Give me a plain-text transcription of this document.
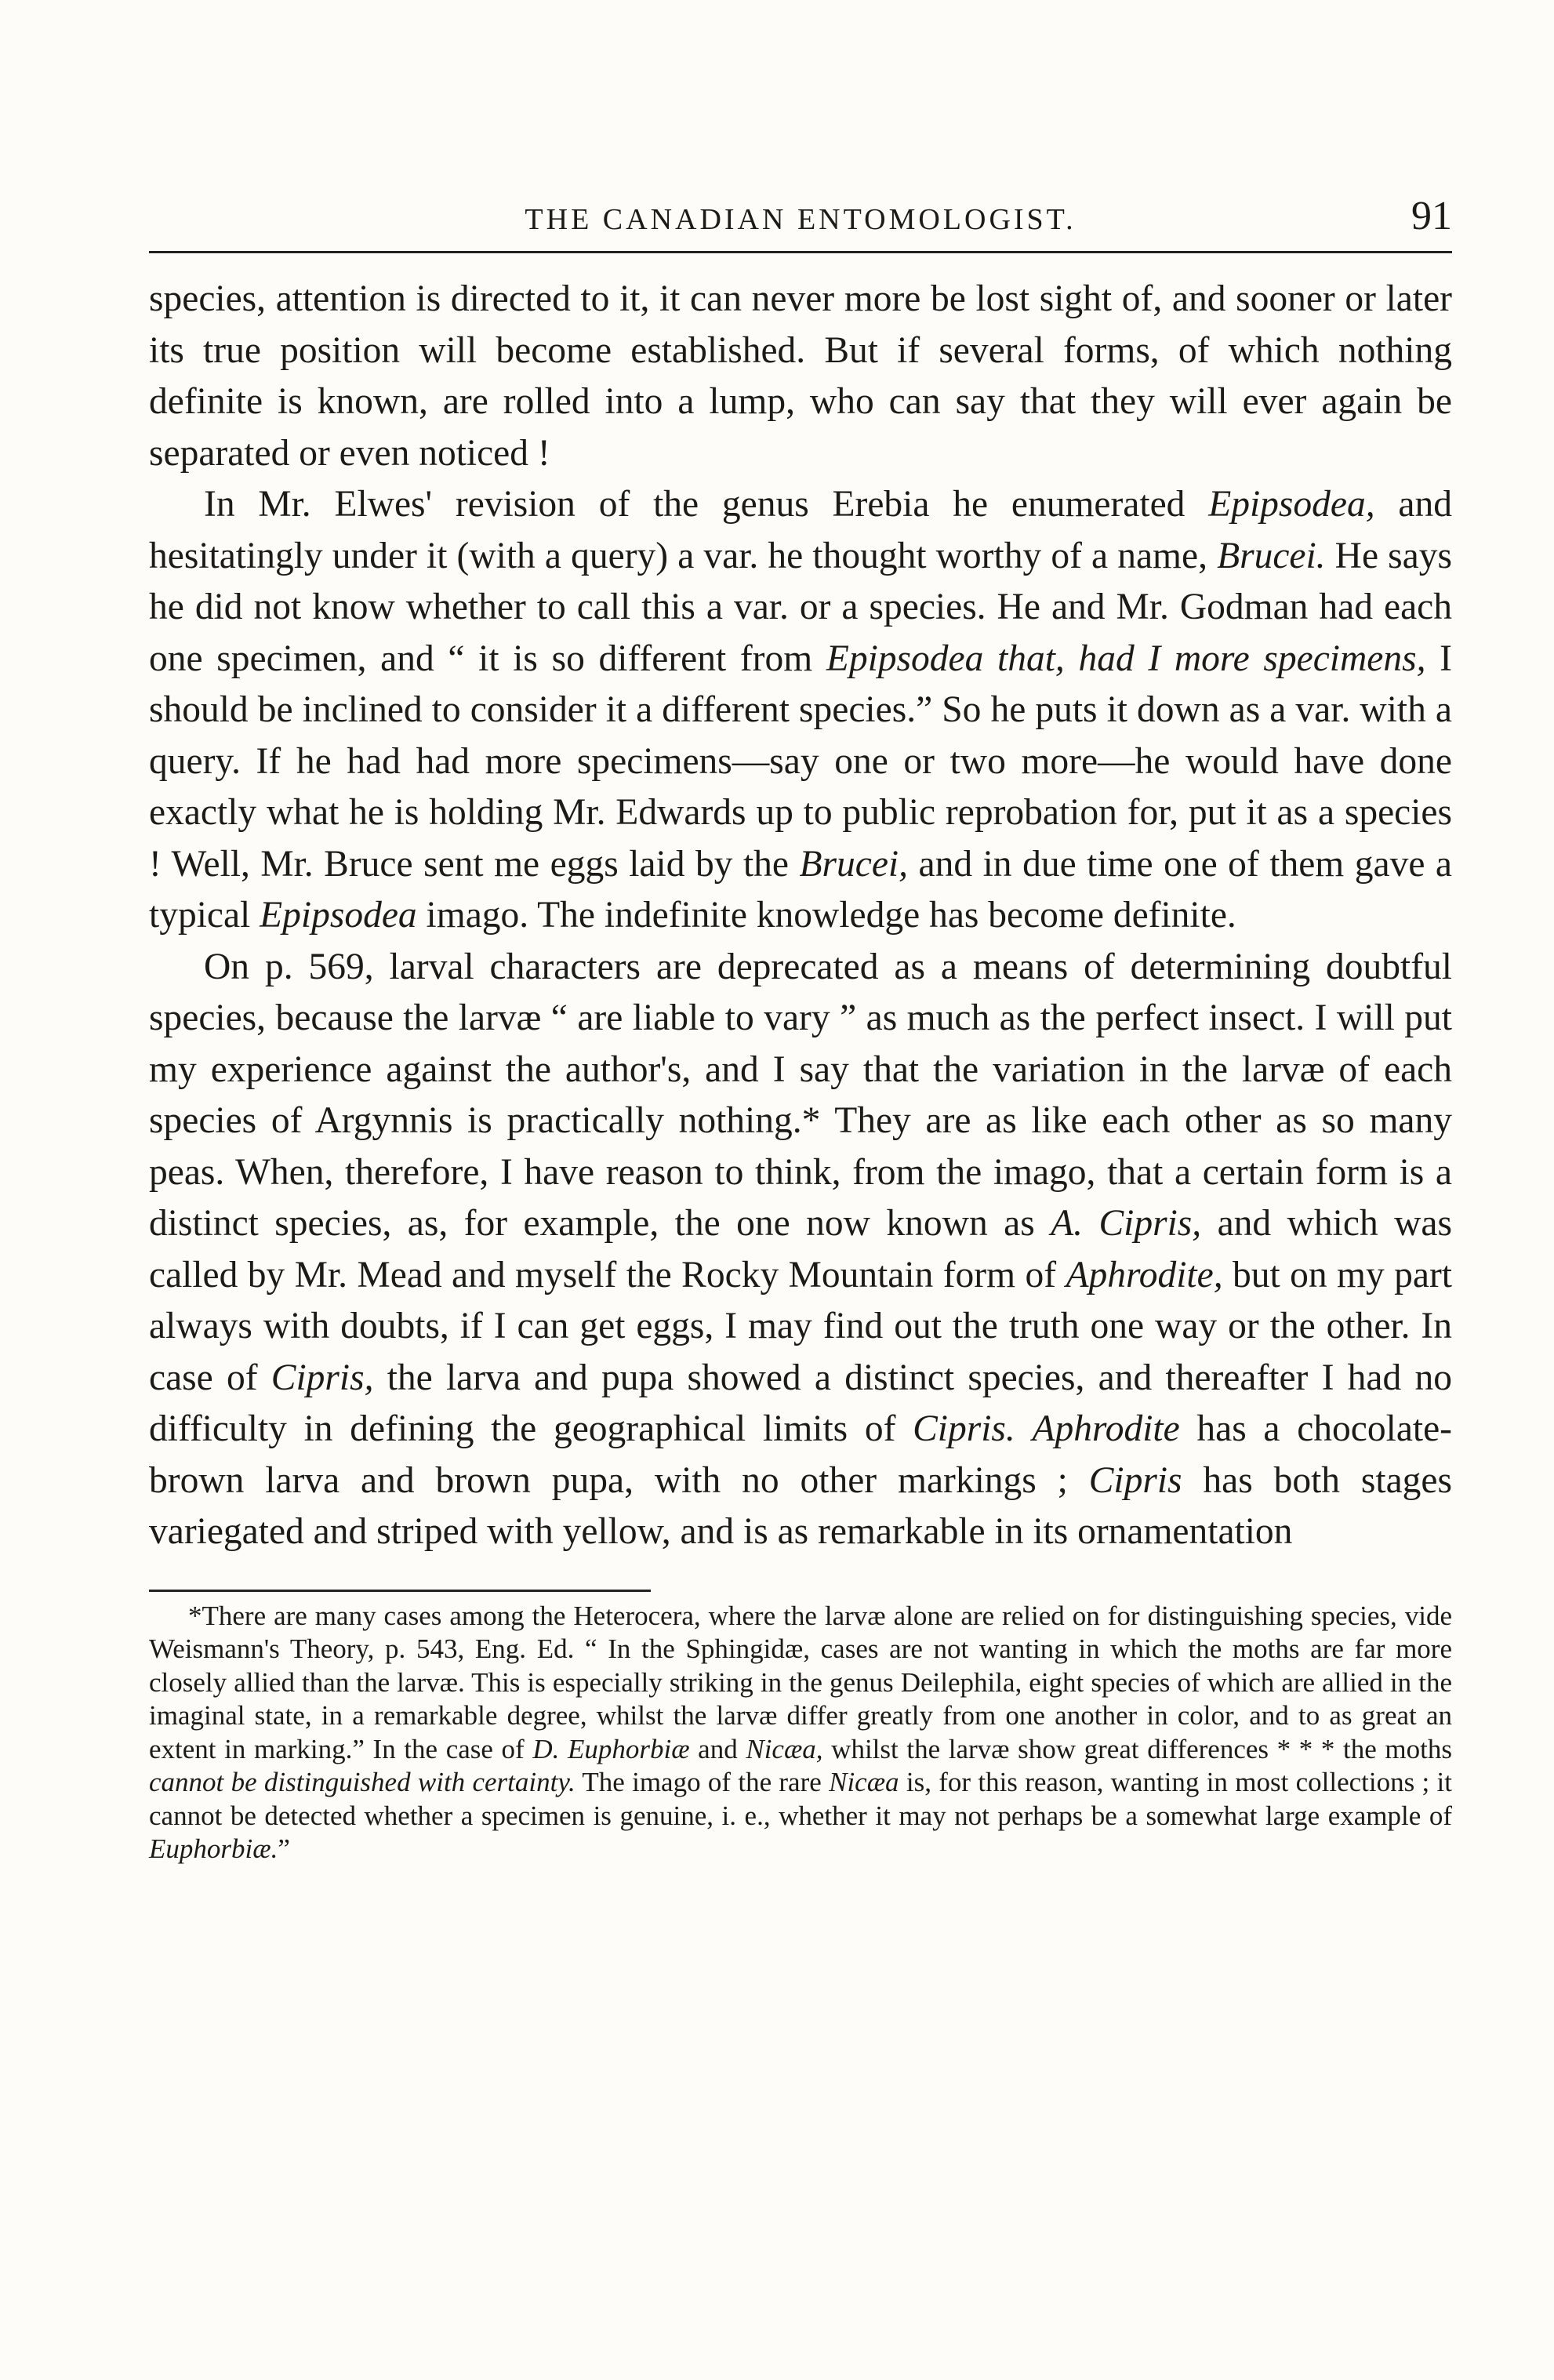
THE CANADIAN ENTOMOLOGIST.	91

species, attention is directed to it, it can never more be lost sight of, and sooner or later its true position will become established. But if several forms, of which nothing definite is known, are rolled into a lump, who can say that they will ever again be separated or even noticed !

In Mr. Elwes' revision of the genus Erebia he enumerated Epipsodea, and hesitatingly under it (with a query) a var. he thought worthy of a name, Brucei. He says he did not know whether to call this a var. or a species. He and Mr. Godman had each one specimen, and “ it is so different from Epipsodea that, had I more specimens, I should be inclined to consider it a different species.” So he puts it down as a var. with a query. If he had had more specimens—say one or two more—he would have done exactly what he is holding Mr. Edwards up to public reprobation for, put it as a species ! Well, Mr. Bruce sent me eggs laid by the Brucei, and in due time one of them gave a typical Epipsodea imago. The indefinite knowledge has become definite.

On p. 569, larval characters are deprecated as a means of determining doubtful species, because the larvæ “ are liable to vary ” as much as the perfect insect. I will put my experience against the author's, and I say that the variation in the larvæ of each species of Argynnis is practically nothing.* They are as like each other as so many peas. When, therefore, I have reason to think, from the imago, that a certain form is a distinct species, as, for example, the one now known as A. Cipris, and which was called by Mr. Mead and myself the Rocky Mountain form of Aphrodite, but on my part always with doubts, if I can get eggs, I may find out the truth one way or the other. In case of Cipris, the larva and pupa showed a distinct species, and thereafter I had no difficulty in defining the geographical limits of Cipris. Aphrodite has a chocolate-brown larva and brown pupa, with no other markings ; Cipris has both stages variegated and striped with yellow, and is as remarkable in its ornamentation

*There are many cases among the Heterocera, where the larvæ alone are relied on for distinguishing species, vide Weismann's Theory, p. 543, Eng. Ed. “ In the Sphingidæ, cases are not wanting in which the moths are far more closely allied than the larvæ. This is especially striking in the genus Deilephila, eight species of which are allied in the imaginal state, in a remarkable degree, whilst the larvæ differ greatly from one another in color, and to as great an extent in marking.” In the case of D. Euphorbiæ and Nicæa, whilst the larvæ show great differences * * * the moths cannot be distinguished with certainty. The imago of the rare Nicæa is, for this reason, wanting in most collections ; it cannot be detected whether a specimen is genuine, i. e., whether it may not perhaps be a somewhat large example of Euphorbiæ.”
